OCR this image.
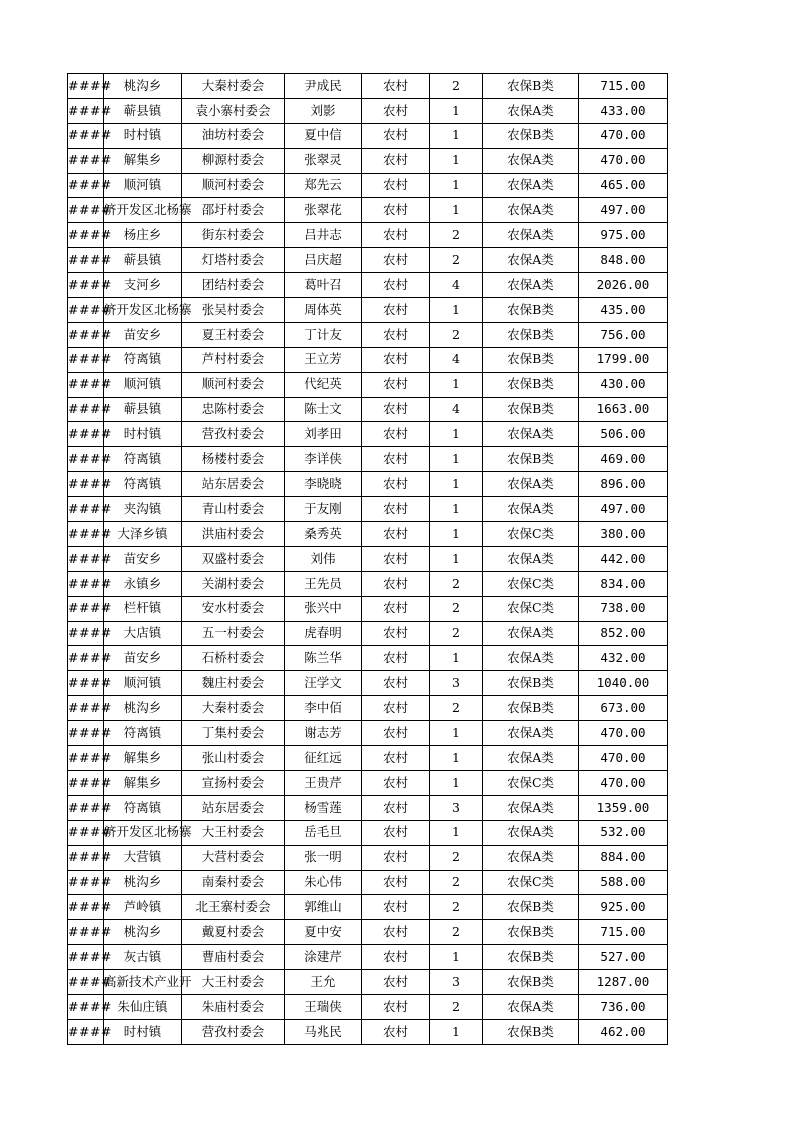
####	桃沟乡	大秦村委会	尹成民	农村	2	农保B类	715.00
####	蕲县镇	袁小寨村委会	刘影	农村	1	农保A类	433.00
####	时村镇	油坊村委会	夏中信	农村	1	农保B类	470.00
####	解集乡	柳源村委会	张翠灵	农村	1	农保A类	470.00
####	顺河镇	顺河村委会	郑先云	农村	1	农保A类	465.00
####	济开发区北杨寨	邵圩村委会	张翠花	农村	1	农保A类	497.00
####	杨庄乡	街东村委会	吕井志	农村	2	农保A类	975.00
####	蕲县镇	灯塔村委会	吕庆超	农村	2	农保A类	848.00
####	支河乡	团结村委会	葛叶召	农村	4	农保A类	2026.00
####	济开发区北杨寨	张吴村委会	周体英	农村	1	农保B类	435.00
####	苗安乡	夏王村委会	丁计友	农村	2	农保B类	756.00
####	符离镇	芦村村委会	王立芳	农村	4	农保B类	1799.00
####	顺河镇	顺河村委会	代纪英	农村	1	农保B类	430.00
####	蕲县镇	忠陈村委会	陈士文	农村	4	农保B类	1663.00
####	时村镇	营孜村委会	刘孝田	农村	1	农保A类	506.00
####	符离镇	杨楼村委会	李详侠	农村	1	农保B类	469.00
####	符离镇	站东居委会	李晓晓	农村	1	农保A类	896.00
####	夹沟镇	青山村委会	于友刚	农村	1	农保A类	497.00
####	大泽乡镇	洪庙村委会	桑秀英	农村	1	农保C类	380.00
####	苗安乡	双盛村委会	刘伟	农村	1	农保A类	442.00
####	永镇乡	关湖村委会	王先员	农村	2	农保C类	834.00
####	栏杆镇	安水村委会	张兴中	农村	2	农保C类	738.00
####	大店镇	五一村委会	虎春明	农村	2	农保A类	852.00
####	苗安乡	石桥村委会	陈兰华	农村	1	农保A类	432.00
####	顺河镇	魏庄村委会	汪学文	农村	3	农保B类	1040.00
####	桃沟乡	大秦村委会	李中佰	农村	2	农保B类	673.00
####	符离镇	丁集村委会	谢志芳	农村	1	农保A类	470.00
####	解集乡	张山村委会	征红远	农村	1	农保A类	470.00
####	解集乡	宣扬村委会	王贵芹	农村	1	农保C类	470.00
####	符离镇	站东居委会	杨雪莲	农村	3	农保A类	1359.00
####	济开发区北杨寨	大王村委会	岳毛旦	农村	1	农保A类	532.00
####	大营镇	大营村委会	张一明	农村	2	农保A类	884.00
####	桃沟乡	南秦村委会	朱心伟	农村	2	农保C类	588.00
####	芦岭镇	北王寨村委会	郭维山	农村	2	农保B类	925.00
####	桃沟乡	戴夏村委会	夏中安	农村	2	农保B类	715.00
####	灰古镇	曹庙村委会	涂建芹	农村	1	农保B类	527.00
####	高新技术产业开	大王村委会	王允	农村	3	农保B类	1287.00
####	朱仙庄镇	朱庙村委会	王瑞侠	农村	2	农保A类	736.00
####	时村镇	营孜村委会	马兆民	农村	1	农保B类	462.00
